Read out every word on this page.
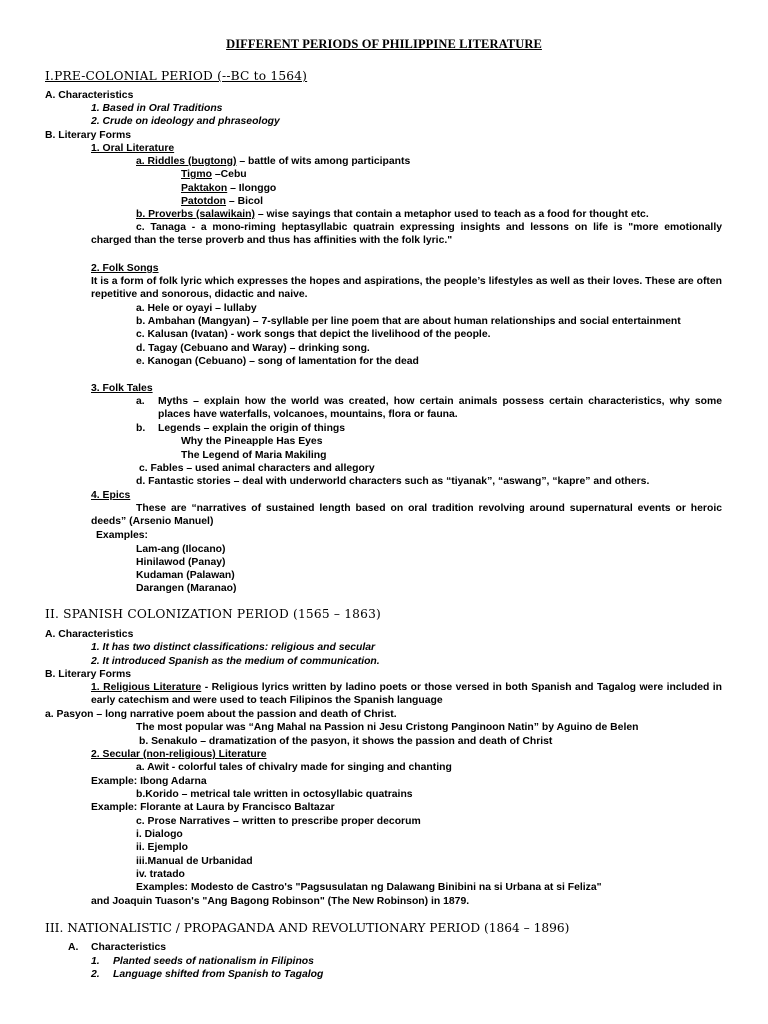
DIFFERENT PERIODS OF PHILIPPINE LITERATURE
I.PRE-COLONIAL PERIOD (--BC to 1564)
A. Characteristics
1. Based in Oral Traditions
2. Crude on ideology and phraseology
B. Literary Forms
1. Oral Literature
a. Riddles (bugtong) – battle of wits among participants
Tigmo –Cebu
Paktakon – Ilonggo
Patotdon – Bicol
b. Proverbs (salawikain) – wise sayings that contain a metaphor used to teach as a food for thought etc.
c. Tanaga - a mono-riming heptasyllabic quatrain expressing insights and lessons on life is "more emotionally charged than the terse proverb and thus has affinities with the folk lyric."
2. Folk Songs
It is a form of folk lyric which expresses the hopes and aspirations, the people’s lifestyles as well as their loves. These are often repetitive and sonorous, didactic and naive.
a. Hele or oyayi – lullaby
b. Ambahan (Mangyan) – 7-syllable per line poem that are about human relationships and social entertainment
c. Kalusan (Ivatan) - work songs that depict the livelihood of the people.
d. Tagay (Cebuano and Waray) – drinking song.
e. Kanogan (Cebuano) – song of lamentation for the dead
3. Folk Tales
a. Myths – explain how the world was created, how certain animals possess certain characteristics, why some places have waterfalls, volcanoes, mountains, flora or fauna.
b. Legends – explain the origin of things
Why the Pineapple Has Eyes
The Legend of Maria Makiling
c. Fables – used animal characters and allegory
d. Fantastic stories – deal with underworld characters such as “tiyanak”, “aswang”, “kapre” and others.
4. Epics
These are “narratives of sustained length based on oral tradition revolving around supernatural events or heroic deeds” (Arsenio Manuel)
Examples:
Lam-ang (Ilocano)
Hinilawod (Panay)
Kudaman (Palawan)
Darangen (Maranao)
II. SPANISH COLONIZATION PERIOD (1565 – 1863)
A. Characteristics
1. It has two distinct classifications: religious and secular
2. It introduced Spanish as the medium of communication.
B. Literary Forms
1. Religious Literature - Religious lyrics written by ladino poets or those versed in both Spanish and Tagalog were included in early catechism and were used to teach Filipinos the Spanish language
a. Pasyon – long narrative poem about the passion and death of Christ.
The most popular was “Ang Mahal na Passion ni Jesu Cristong Panginoon Natin” by Aguino de Belen
b. Senakulo – dramatization of the pasyon, it shows the passion and death of Christ
2. Secular (non-religious) Literature
a. Awit - colorful tales of chivalry made for singing and chanting
Example: Ibong Adarna
b.Korido – metrical tale written in octosyllabic quatrains
Example: Florante at Laura by Francisco Baltazar
c. Prose Narratives – written to prescribe proper decorum
i. Dialogo
ii. Ejemplo
iii.Manual de Urbanidad
iv. tratado
Examples: Modesto de Castro's "Pagsusulatan ng Dalawang Binibini na si Urbana at si Feliza"
and Joaquin Tuason's "Ang Bagong Robinson" (The New Robinson) in 1879.
III. NATIONALISTIC / PROPAGANDA AND REVOLUTIONARY PERIOD (1864 – 1896)
A. Characteristics
1. Planted seeds of nationalism in Filipinos
2. Language shifted from Spanish to Tagalog
